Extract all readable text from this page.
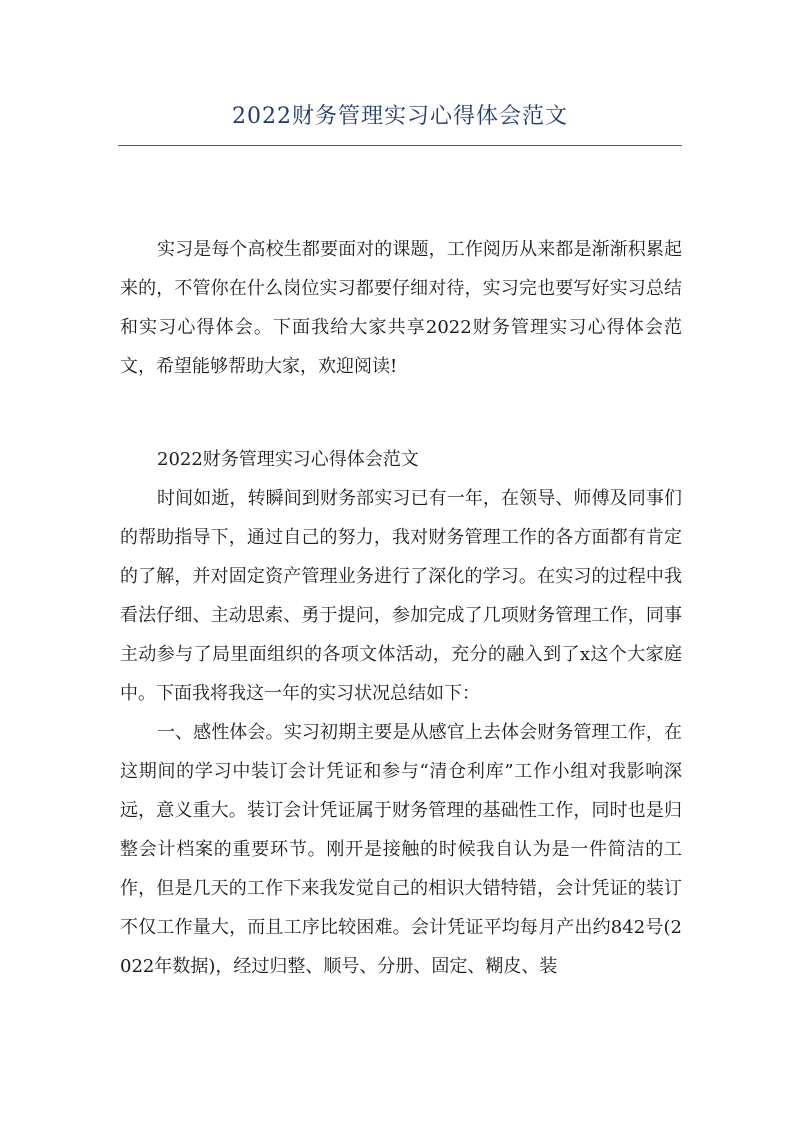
2022财务管理实习心得体会范文

实习是每个高校生都要面对的课题，工作阅历从来都是渐渐积累起来的，不管你在什么岗位实习都要仔细对待，实习完也要写好实习总结和实习心得体会。下面我给大家共享2022财务管理实习心得体会范文，希望能够帮助大家，欢迎阅读!

2022财务管理实习心得体会范文

时间如逝，转瞬间到财务部实习已有一年，在领导、师傅及同事们的帮助指导下，通过自己的努力，我对财务管理工作的各方面都有肯定的了解，并对固定资产管理业务进行了深化的学习。在实习的过程中我看法仔细、主动思索、勇于提问，参加完成了几项财务管理工作，同事主动参与了局里面组织的各项文体活动，充分的融入到了x这个大家庭中。下面我将我这一年的实习状况总结如下：

一、感性体会。实习初期主要是从感官上去体会财务管理工作，在这期间的学习中装订会计凭证和参与“清仓利库”工作小组对我影响深远，意义重大。装订会计凭证属于财务管理的基础性工作，同时也是归整会计档案的重要环节。刚开是接触的时候我自认为是一件简洁的工作，但是几天的工作下来我发觉自己的相识大错特错，会计凭证的装订不仅工作量大，而且工序比较困难。会计凭证平均每月产出约842号(2022年数据)，经过归整、顺号、分册、固定、糊皮、装
